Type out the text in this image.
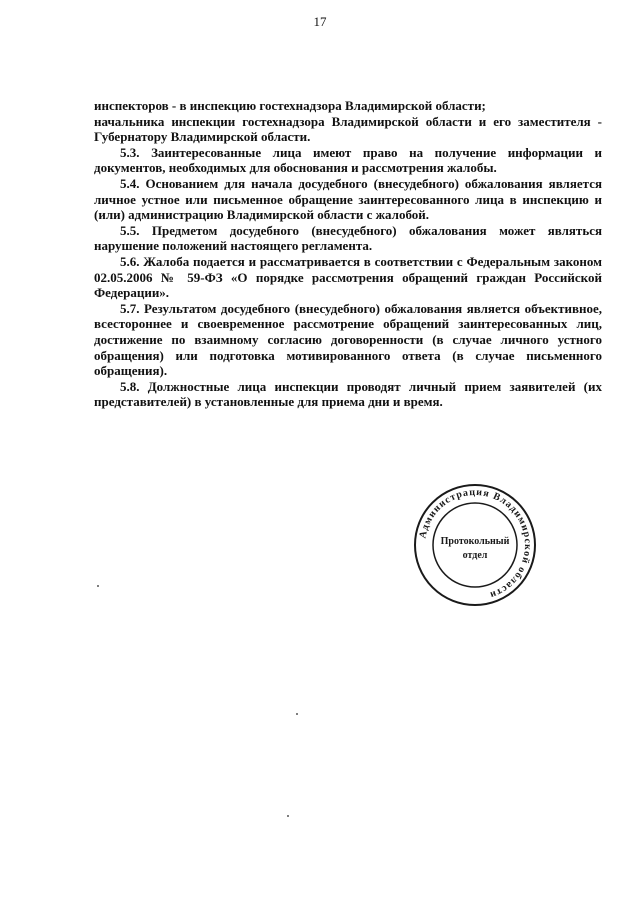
17

инспекторов - в инспекцию гостехнадзора Владимирской области;

начальника инспекции гостехнадзора Владимирской области и его заместителя - Губернатору Владимирской области.

5.3. Заинтересованные лица имеют право на получение информации и документов, необходимых для обоснования и рассмотрения жалобы.

5.4. Основанием для начала досудебного (внесудебного) обжалования является личное устное или письменное обращение заинтересованного лица в инспекцию и (или) администрацию Владимирской области с жалобой.

5.5. Предметом досудебного (внесудебного) обжалования может являться нарушение положений настоящего регламента.

5.6. Жалоба подается и рассматривается в соответствии с Федеральным законом 02.05.2006 № 59-ФЗ «О порядке рассмотрения обращений граждан Российской Федерации».

5.7. Результатом досудебного (внесудебного) обжалования является объективное, всестороннее и своевременное рассмотрение обращений заинтересованных лиц, достижение по взаимному согласию договоренности (в случае личного устного обращения) или подготовка мотивированного ответа (в случае письменного обращения).

5.8. Должностные лица инспекции проводят личный прием заявителей (их представителей) в установленные для приема дни и время.

Администрация Владимирской области
Протокольный
отдел
